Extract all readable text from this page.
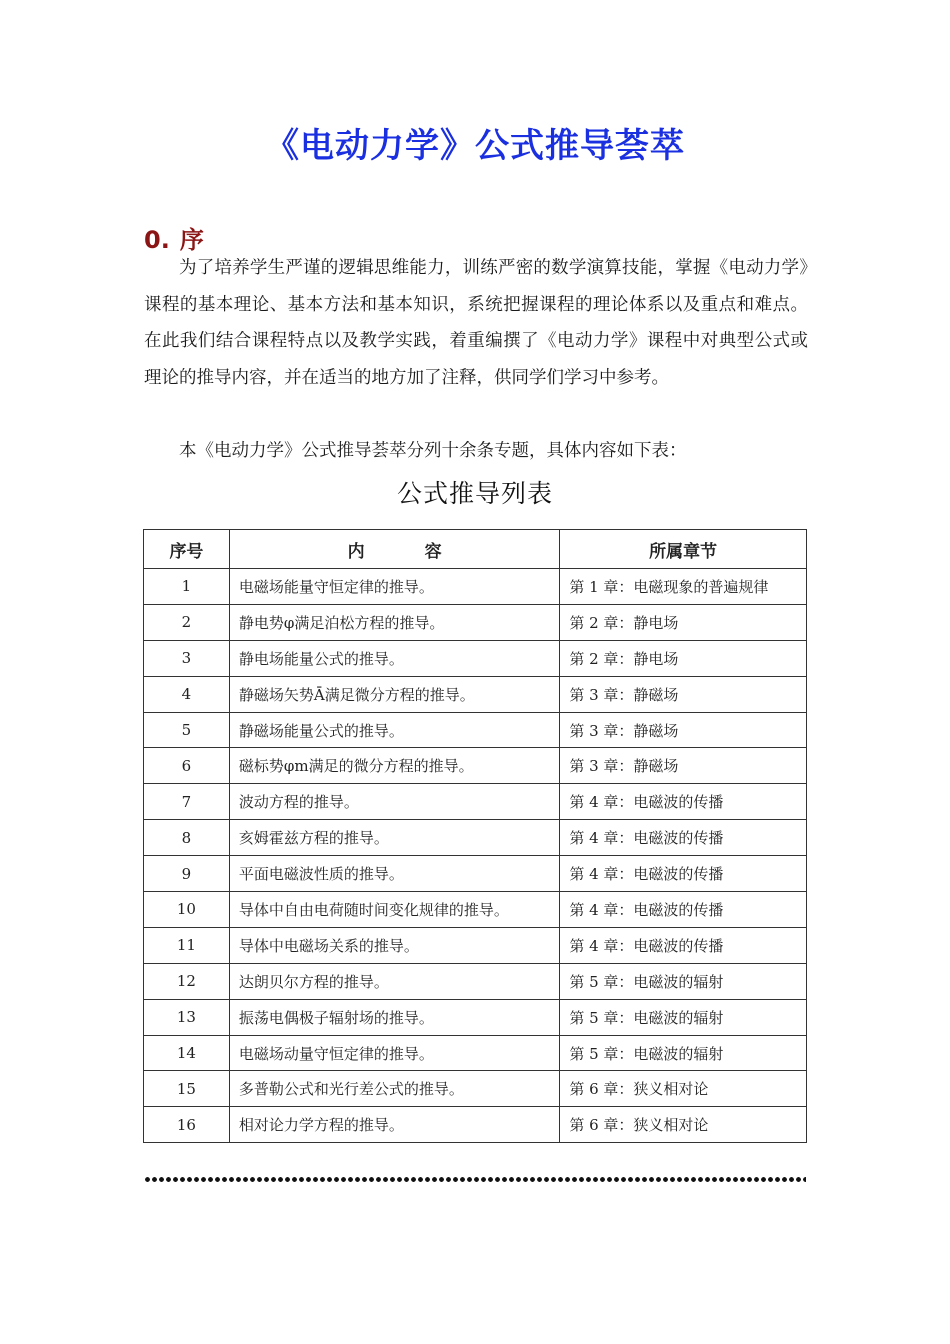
《电动力学》公式推导荟萃
0. 序

为了培养学生严谨的逻辑思维能力，训练严密的数学演算技能，掌握《电动力学》课程的基本理论、基本方法和基本知识，系统把握课程的理论体系以及重点和难点。在此我们结合课程特点以及教学实践，着重编撰了《电动力学》课程中对典型公式或理论的推导内容，并在适当的地方加了注释，供同学们学习中参考。

本《电动力学》公式推导荟萃分列十余条专题，具体内容如下表：

公式推导列表
序号	内容	所属章节
1	电磁场能量守恒定律的推导。	第 1 章：电磁现象的普遍规律
2	静电势φ满足泊松方程的推导。	第 2 章：静电场
3	静电场能量公式的推导。	第 2 章：静电场
4	静磁场矢势Ā满足微分方程的推导。	第 3 章：静磁场
5	静磁场能量公式的推导。	第 3 章：静磁场
6	磁标势φm满足的微分方程的推导。	第 3 章：静磁场
7	波动方程的推导。	第 4 章：电磁波的传播
8	亥姆霍兹方程的推导。	第 4 章：电磁波的传播
9	平面电磁波性质的推导。	第 4 章：电磁波的传播
10	导体中自由电荷随时间变化规律的推导。	第 4 章：电磁波的传播
11	导体中电磁场关系的推导。	第 4 章：电磁波的传播
12	达朗贝尔方程的推导。	第 5 章：电磁波的辐射
13	振荡电偶极子辐射场的推导。	第 5 章：电磁波的辐射
14	电磁场动量守恒定律的推导。	第 5 章：电磁波的辐射
15	多普勒公式和光行差公式的推导。	第 6 章：狭义相对论
16	相对论力学方程的推导。	第 6 章：狭义相对论
